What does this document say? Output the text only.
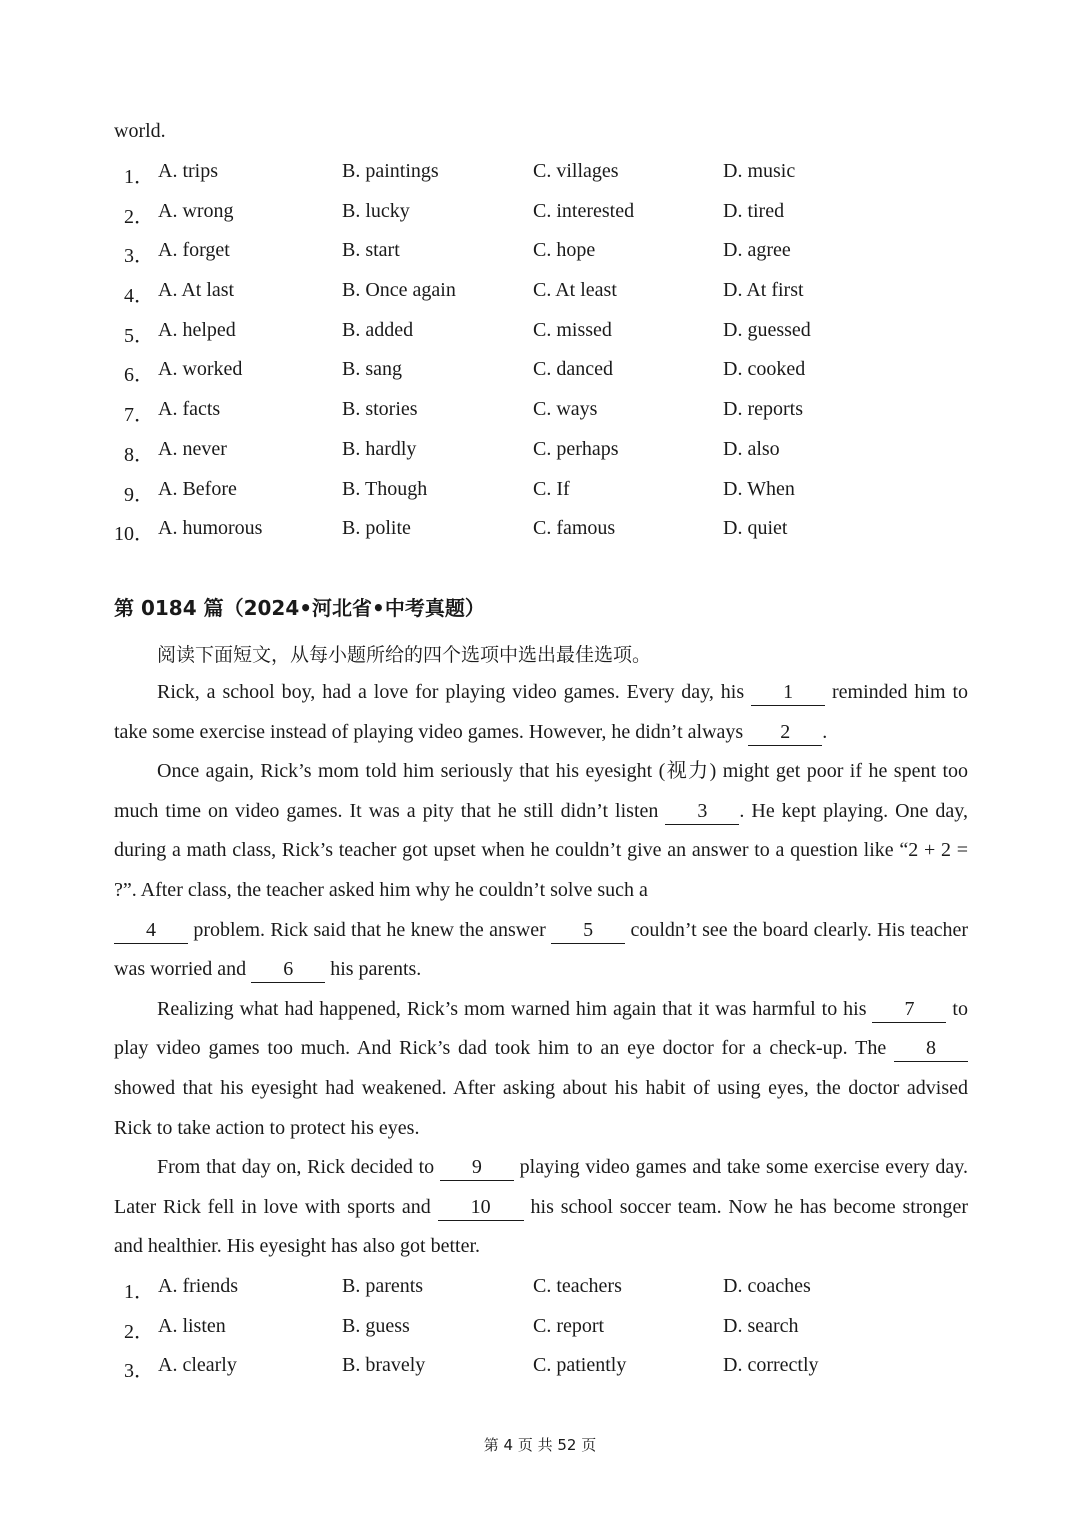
world.
1． A. trips	B. paintings	C. villages	D. music
2． A. wrong	B. lucky	C. interested	D. tired
3． A. forget	B. start	C. hope	D. agree
4． A. At last	B. Once again	C. At least	D. At first
5． A. helped	B. added	C. missed	D. guessed
6． A. worked	B. sang	C. danced	D. cooked
7． A. facts	B. stories	C. ways	D. reports
8． A. never	B. hardly	C. perhaps	D. also
9． A. Before	B. Though	C. If	D. When
10． A. humorous	B. polite	C. famous	D. quiet
第 0184 篇（2024•河北省•中考真题）
阅读下面短文，从每小题所给的四个选项中选出最佳选项。

Rick, a school boy, had a love for playing video games. Every day, his 1 reminded him to take some exercise instead of playing video games. However, he didn’t always 2 .

Once again, Rick’s mom told him seriously that his eyesight (视力) might get poor if he spent too much time on video games. It was a pity that he still didn’t listen 3 . He kept playing. One day, during a math class, Rick’s teacher got upset when he couldn’t give an answer to a question like “2 + 2 = ?”. After class, the teacher asked him why he couldn’t solve such a
4 problem. Rick said that he knew the answer 5 couldn’t see the board clearly. His teacher was worried and 6 his parents.

Realizing what had happened, Rick’s mom warned him again that it was harmful to his 7 to play video games too much. And Rick’s dad took him to an eye doctor for a check-up. The 8 showed that his eyesight had weakened. After asking about his habit of using eyes, the doctor advised Rick to take action to protect his eyes.

From that day on, Rick decided to 9 playing video games and take some exercise every day. Later Rick fell in love with sports and 10 his school soccer team. Now he has become stronger and healthier. His eyesight has also got better.

1． A. friends	B. parents	C. teachers	D. coaches
2． A. listen	B. guess	C. report	D. search
3． A. clearly	B. bravely	C. patiently	D. correctly
第 4 页 共 52 页
